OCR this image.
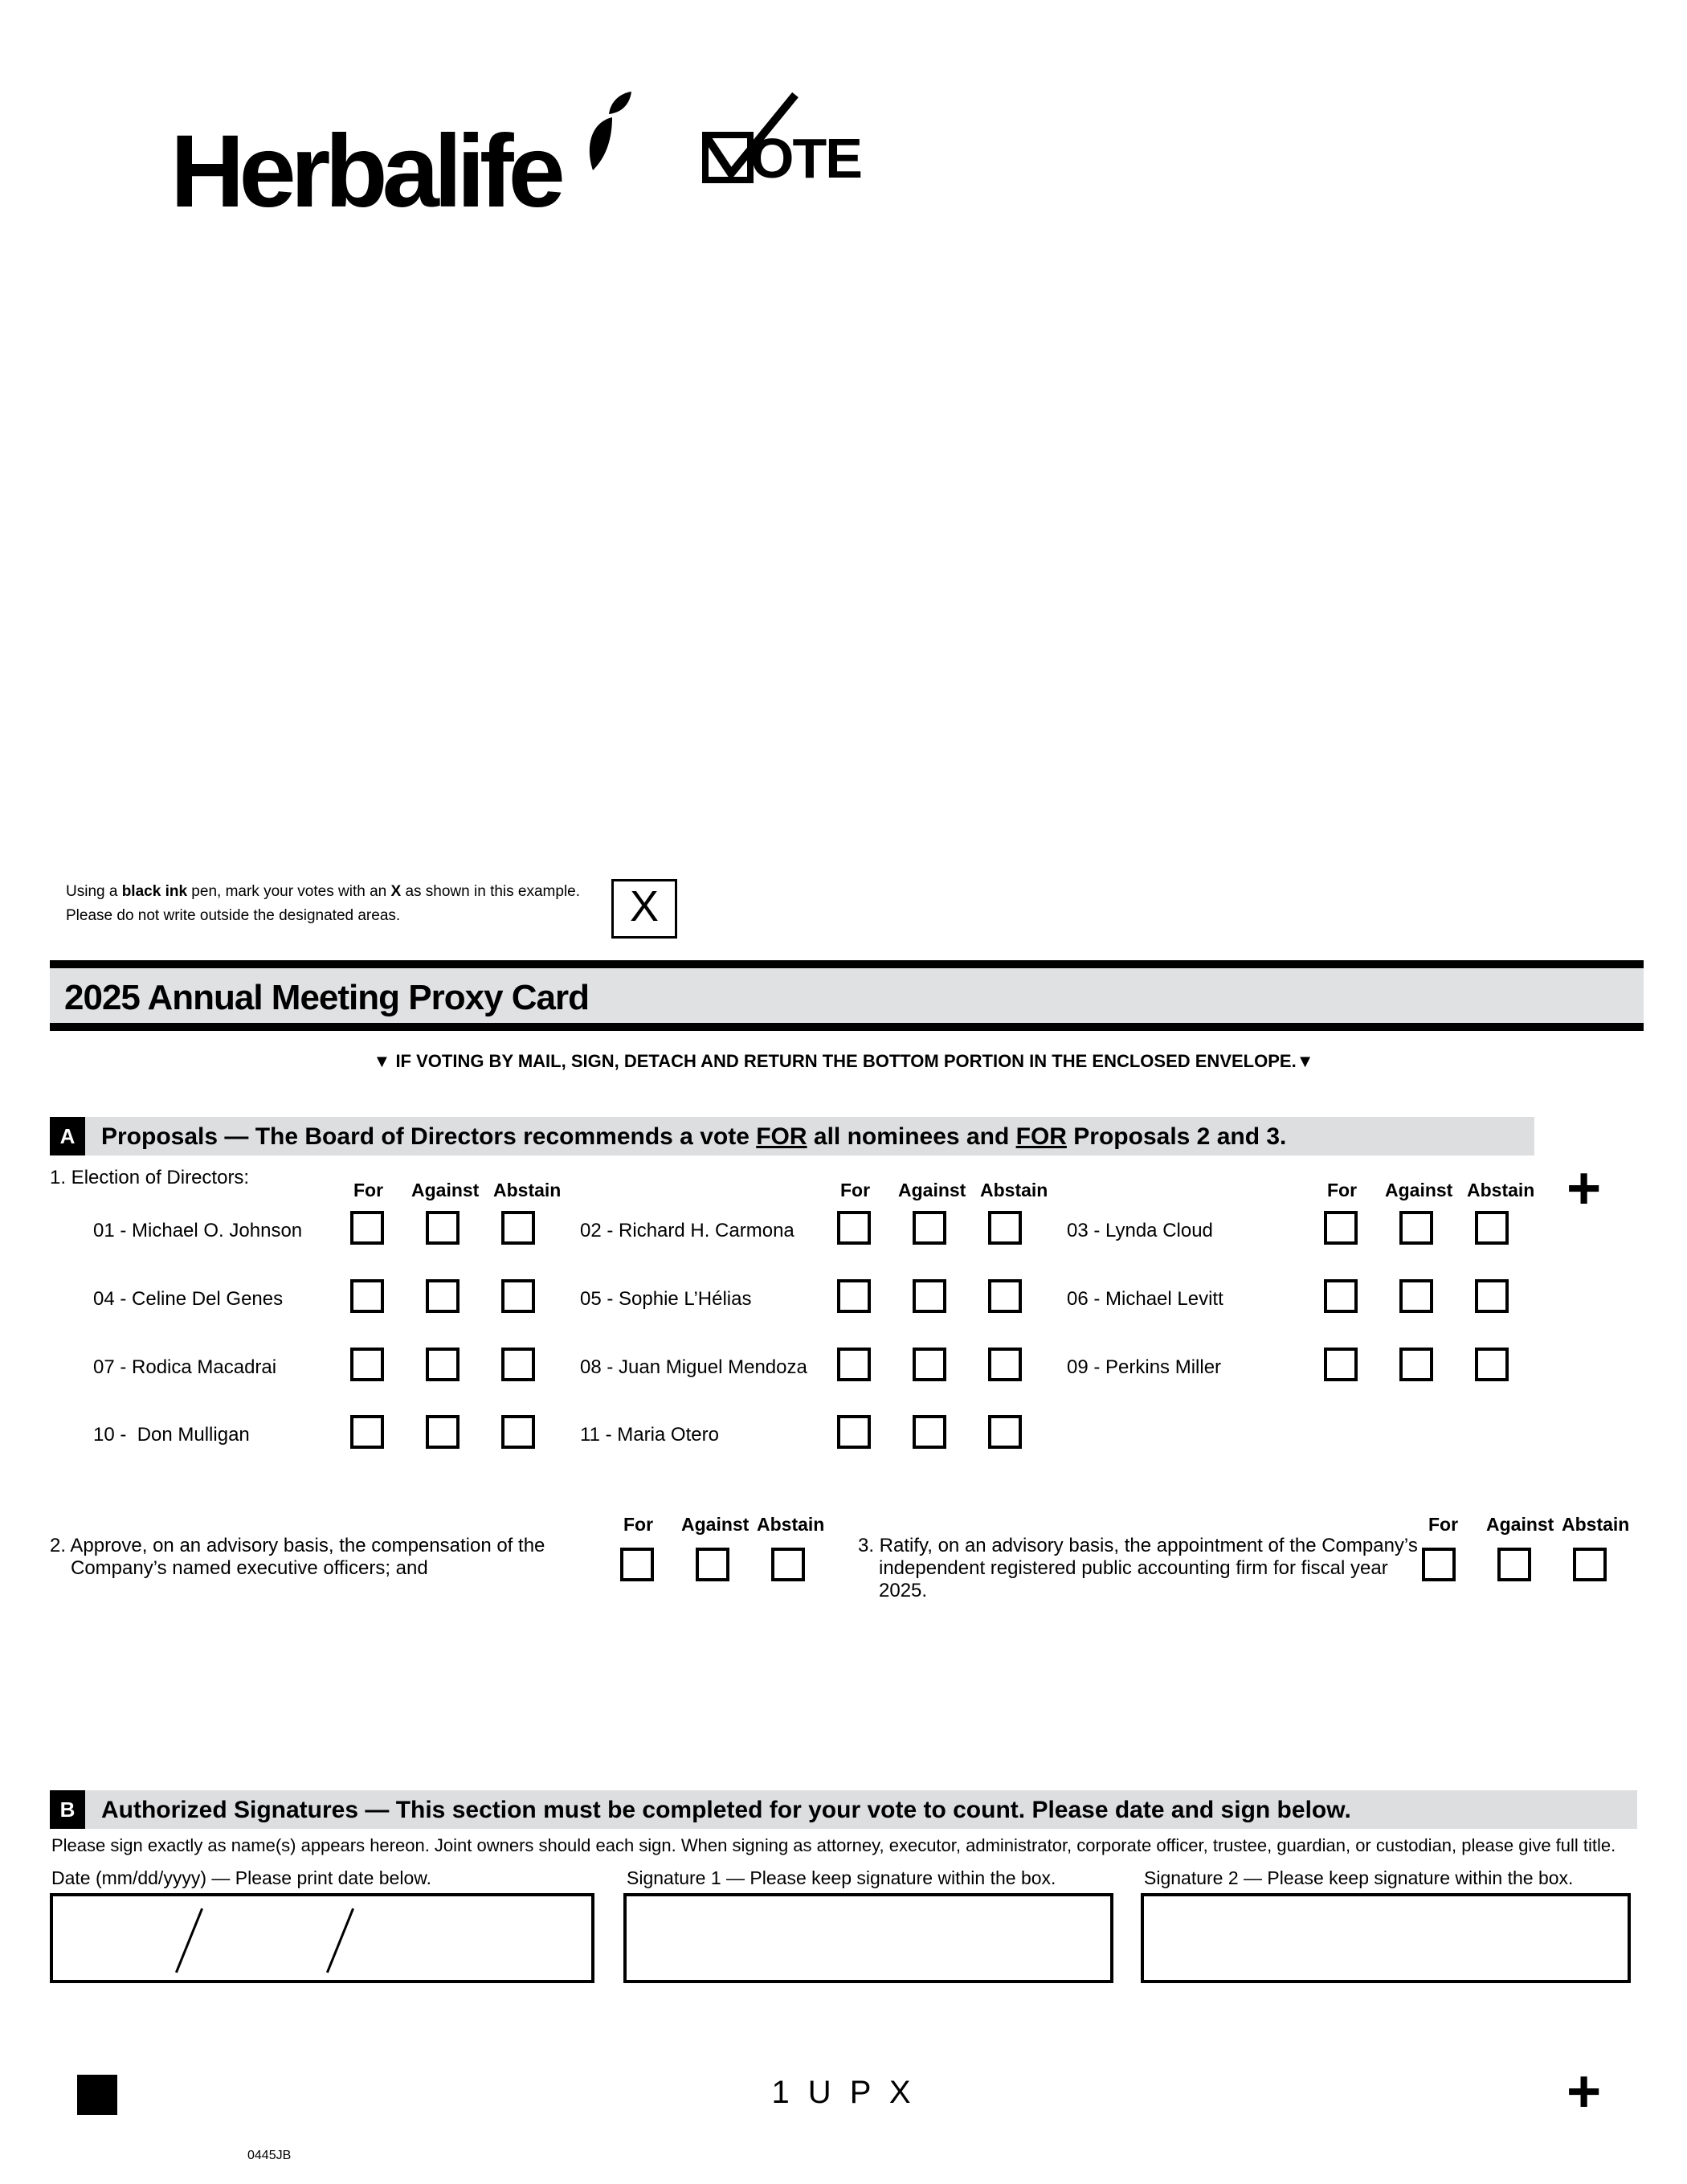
Herbalife	OTE
Using a black ink pen, mark your votes with an X as shown in this example.
Please do not write outside the designated areas.	X
2025 Annual Meeting Proxy Card
▼ IF VOTING BY MAIL, SIGN, DETACH AND RETURN THE BOTTOM PORTION IN THE ENCLOSED ENVELOPE.▼
A	Proposals — The Board of Directors recommends a vote FOR all nominees and FOR Proposals 2 and 3.
+
1. Election of Directors:
For Against Abstain	For Against Abstain	For Against Abstain
01 - Michael O. Johnson	02 - Richard H. Carmona	03 - Lynda Cloud
04 - Celine Del Genes	05 - Sophie L’Hélias	06 - Michael Levitt
07 - Rodica Macadrai	08 - Juan Miguel Mendoza	09 - Perkins Miller
10 -  Don Mulligan	11 - Maria Otero
2. Approve, on an advisory basis, the compensation of the
Company’s named executive officers; and
For Against Abstain
3. Ratify, on an advisory basis, the appointment of the Company’s
independent registered public accounting firm for fiscal year
2025.
For Against Abstain
B	Authorized Signatures — This section must be completed for your vote to count. Please date and sign below.
Please sign exactly as name(s) appears hereon. Joint owners should each sign. When signing as attorney, executor, administrator, corporate officer, trustee, guardian, or custodian, please give full title.
Date (mm/dd/yyyy) — Please print date below.	Signature 1 — Please keep signature within the box.	Signature 2 — Please keep signature within the box.
1 U P X	+
0445JB
